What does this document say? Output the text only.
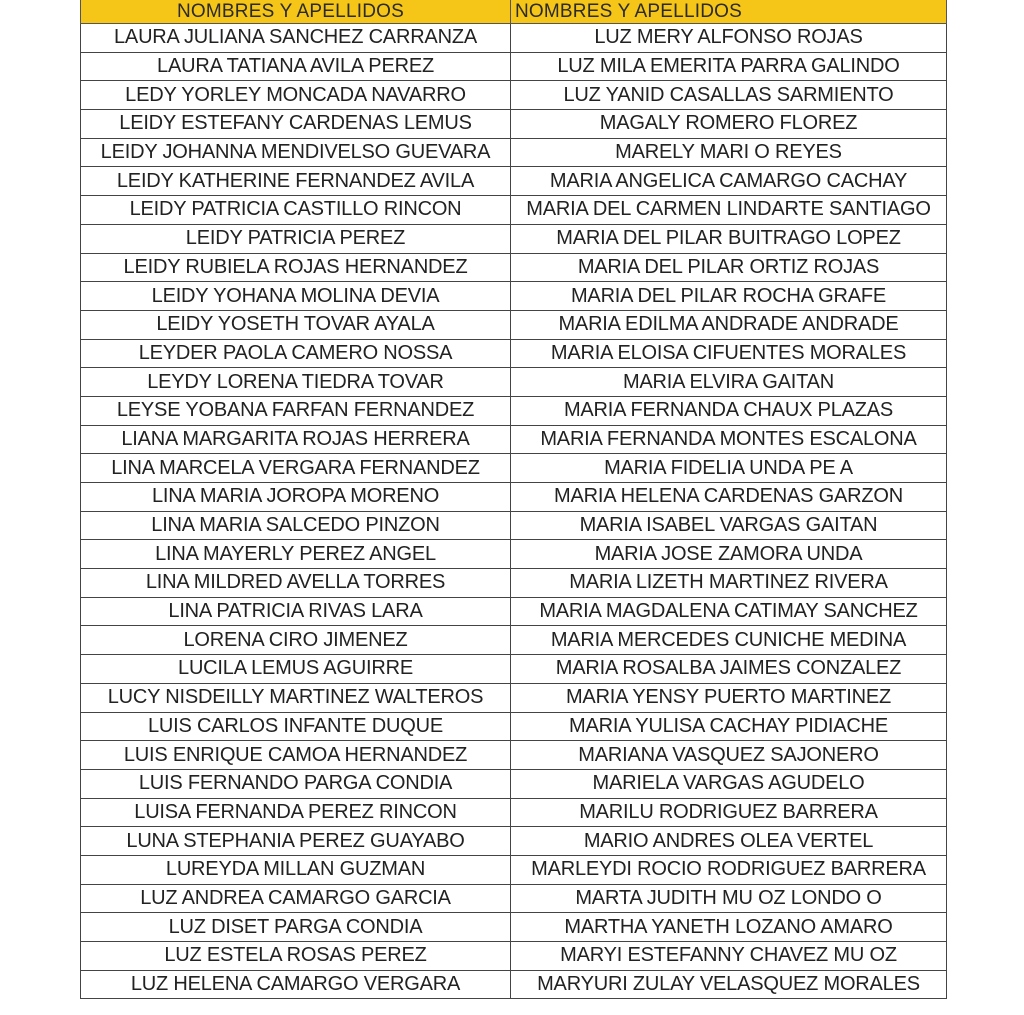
NOMBRES Y APELLIDOS	NOMBRES Y APELLIDOS
LAURA JULIANA SANCHEZ CARRANZA	LUZ MERY ALFONSO ROJAS
LAURA TATIANA AVILA PEREZ	LUZ MILA EMERITA PARRA GALINDO
LEDY YORLEY MONCADA NAVARRO	LUZ YANID CASALLAS SARMIENTO
LEIDY ESTEFANY CARDENAS LEMUS	MAGALY ROMERO FLOREZ
LEIDY JOHANNA MENDIVELSO GUEVARA	MARELY MARI O REYES
LEIDY KATHERINE FERNANDEZ AVILA	MARIA ANGELICA CAMARGO CACHAY
LEIDY PATRICIA CASTILLO RINCON	MARIA DEL CARMEN LINDARTE SANTIAGO
LEIDY PATRICIA PEREZ	MARIA DEL PILAR BUITRAGO LOPEZ
LEIDY RUBIELA ROJAS HERNANDEZ	MARIA DEL PILAR ORTIZ ROJAS
LEIDY YOHANA MOLINA DEVIA	MARIA DEL PILAR ROCHA GRAFE
LEIDY YOSETH TOVAR AYALA	MARIA EDILMA ANDRADE ANDRADE
LEYDER PAOLA CAMERO NOSSA	MARIA ELOISA CIFUENTES MORALES
LEYDY LORENA TIEDRA TOVAR	MARIA ELVIRA GAITAN
LEYSE YOBANA FARFAN FERNANDEZ	MARIA FERNANDA CHAUX PLAZAS
LIANA MARGARITA ROJAS HERRERA	MARIA FERNANDA MONTES ESCALONA
LINA MARCELA VERGARA FERNANDEZ	MARIA FIDELIA UNDA PE A
LINA MARIA JOROPA MORENO	MARIA HELENA CARDENAS GARZON
LINA MARIA SALCEDO PINZON	MARIA ISABEL VARGAS GAITAN
LINA MAYERLY PEREZ ANGEL	MARIA JOSE ZAMORA UNDA
LINA MILDRED AVELLA TORRES	MARIA LIZETH MARTINEZ RIVERA
LINA PATRICIA RIVAS LARA	MARIA MAGDALENA CATIMAY SANCHEZ
LORENA CIRO JIMENEZ	MARIA MERCEDES CUNICHE MEDINA
LUCILA LEMUS AGUIRRE	MARIA ROSALBA JAIMES CONZALEZ
LUCY NISDEILLY MARTINEZ WALTEROS	MARIA YENSY PUERTO MARTINEZ
LUIS CARLOS INFANTE DUQUE	MARIA YULISA CACHAY PIDIACHE
LUIS ENRIQUE CAMOA HERNANDEZ	MARIANA VASQUEZ SAJONERO
LUIS FERNANDO PARGA CONDIA	MARIELA VARGAS AGUDELO
LUISA FERNANDA PEREZ RINCON	MARILU RODRIGUEZ BARRERA
LUNA STEPHANIA PEREZ GUAYABO	MARIO ANDRES OLEA VERTEL
LUREYDA MILLAN GUZMAN	MARLEYDI ROCIO RODRIGUEZ BARRERA
LUZ ANDREA CAMARGO GARCIA	MARTA JUDITH MU OZ LONDO O
LUZ DISET PARGA CONDIA	MARTHA YANETH LOZANO AMARO
LUZ ESTELA ROSAS PEREZ	MARYI ESTEFANNY CHAVEZ MU OZ
LUZ HELENA CAMARGO VERGARA	MARYURI ZULAY VELASQUEZ MORALES
